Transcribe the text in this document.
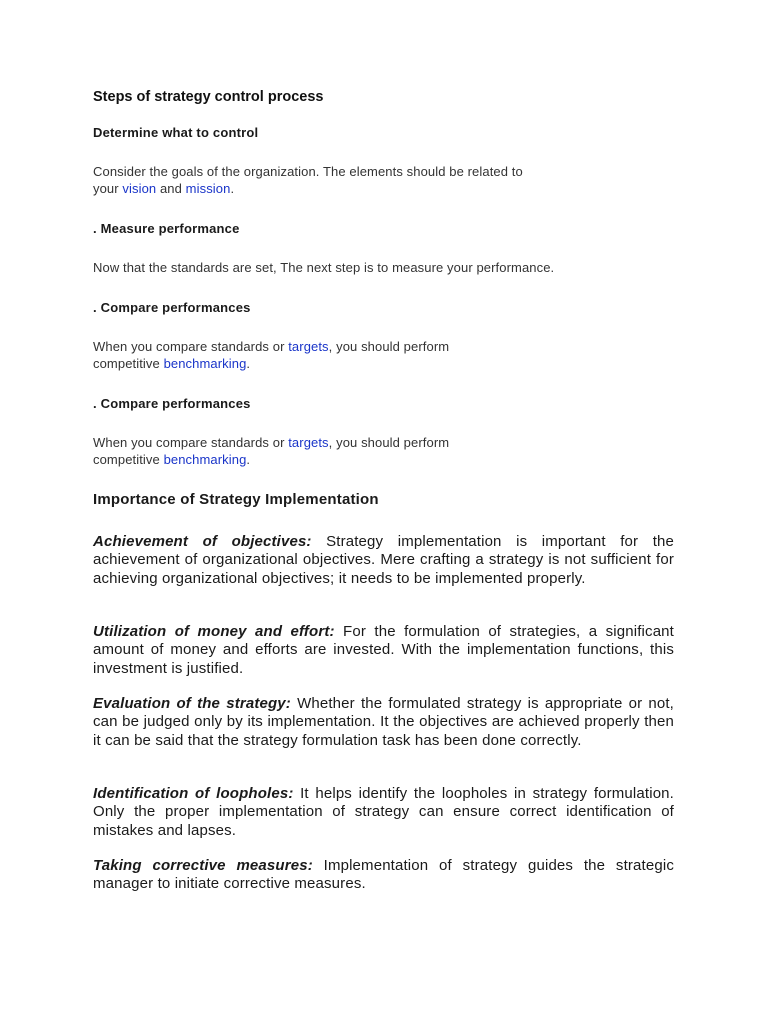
Steps of strategy control process
Determine what to control

Consider the goals of the organization. The elements should be related to
your vision and mission.

. Measure performance

Now that the standards are set, The next step is to measure your performance.

. Compare performances

When you compare standards or targets, you should perform
competitive benchmarking.

. Compare performances

When you compare standards or targets, you should perform
competitive benchmarking.

Importance of Strategy Implementation

Achievement of objectives: Strategy implementation is important for the achievement of organizational objectives. Mere crafting a strategy is not sufficient for achieving organizational objectives; it needs to be implemented properly.

Utilization of money and effort: For the formulation of strategies, a significant amount of money and efforts are invested. With the implementation functions, this investment is justified.

Evaluation of the strategy: Whether the formulated strategy is appropriate or not, can be judged only by its implementation. It the objectives are achieved properly then it can be said that the strategy formulation task has been done correctly.

Identification of loopholes: It helps identify the loopholes in strategy formulation. Only the proper implementation of strategy can ensure correct identification of mistakes and lapses.

Taking corrective measures: Implementation of strategy guides the strategic manager to initiate corrective measures.
